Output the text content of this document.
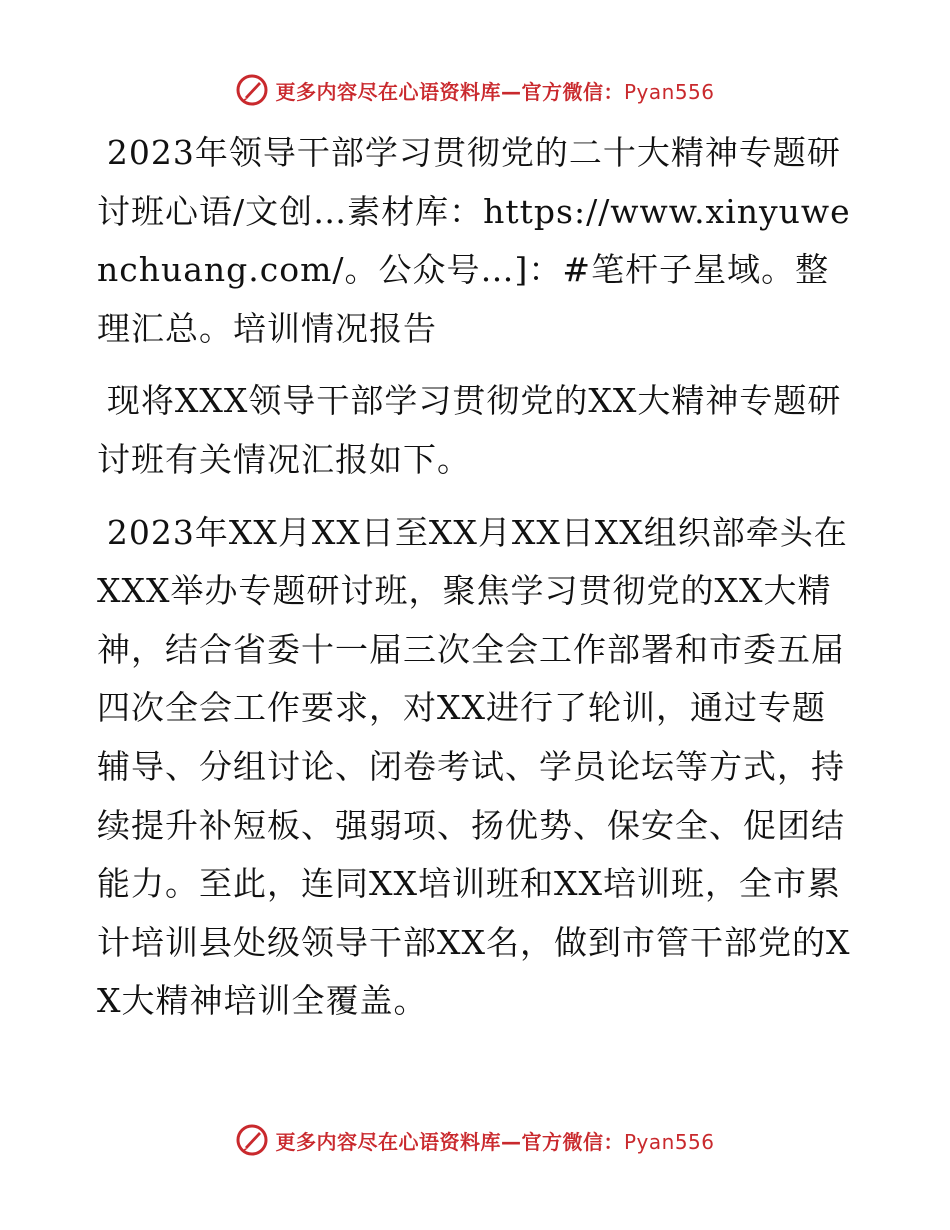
更多内容尽在心语资料库—官方微信：Pyan556

2023年领导干部学习贯彻党的二十大精神专题研讨班心语/文创…素材库：https://www.xinyuwenchuang.com/。公众号…]：#笔杆子星域。整理汇总。培训情况报告

现将XXX领导干部学习贯彻党的XX大精神专题研讨班有关情况汇报如下。

2023年XX月XX日至XX月XX日XX组织部牵头在XXX举办专题研讨班，聚焦学习贯彻党的XX大精神，结合省委十一届三次全会工作部署和市委五届四次全会工作要求，对XX进行了轮训，通过专题辅导、分组讨论、闭卷考试、学员论坛等方式，持续提升补短板、强弱项、扬优势、保安全、促团结能力。至此，连同XX培训班和XX培训班，全市累计培训县处级领导干部XX名，做到市管干部党的XX大精神培训全覆盖。

更多内容尽在心语资料库—官方微信：Pyan556
